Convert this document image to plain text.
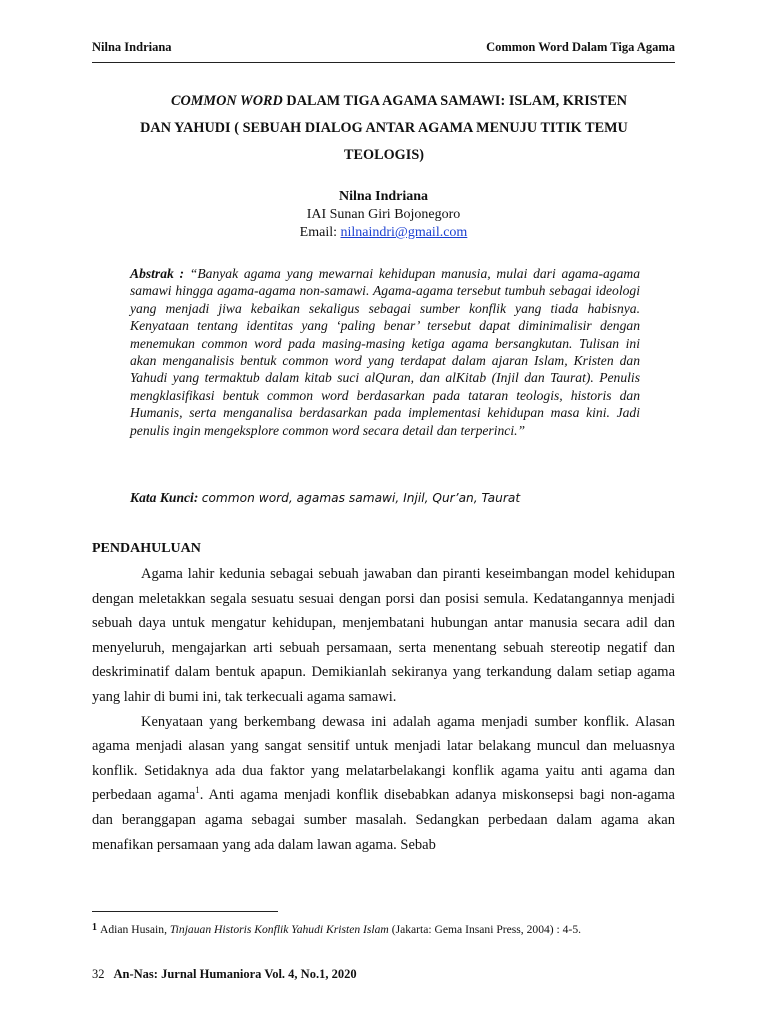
Nilna Indriana	Common Word Dalam Tiga Agama
COMMON WORD DALAM TIGA AGAMA SAMAWI: ISLAM, KRISTEN
DAN YAHUDI ( SEBUAH DIALOG ANTAR AGAMA MENUJU TITIK TEMU
TEOLOGIS)
Nilna Indriana
IAI Sunan Giri Bojonegoro
Email: nilnaindri@gmail.com
Abstrak : “Banyak agama yang mewarnai kehidupan manusia, mulai dari agama-agama samawi hingga agama-agama non-samawi. Agama-agama tersebut tumbuh sebagai ideologi yang menjadi jiwa kebaikan sekaligus sebagai sumber konflik yang tiada habisnya. Kenyataan tentang identitas yang ‘paling benar’ tersebut dapat diminimalisir dengan menemukan common word pada masing-masing ketiga agama bersangkutan. Tulisan ini akan menganalisis bentuk common word yang terdapat dalam ajaran Islam, Kristen dan Yahudi yang termaktub dalam kitab suci alQuran, dan alKitab (Injil dan Taurat). Penulis mengklasifikasi bentuk common word berdasarkan pada tataran teologis, historis dan Humanis, serta menganalisa berdasarkan pada implementasi kehidupan masa kini. Jadi penulis ingin mengeksplore common word secara detail dan terperinci.”
Kata Kunci: common word, agamas samawi, Injil, Qur’an, Taurat
PENDAHULUAN

Agama lahir kedunia sebagai sebuah jawaban dan piranti keseimbangan model kehidupan dengan meletakkan segala sesuatu sesuai dengan porsi dan posisi semula. Kedatangannya menjadi sebuah daya untuk mengatur kehidupan, menjembatani hubungan antar manusia secara adil dan menyeluruh, mengajarkan arti sebuah persamaan, serta menentang sebuah stereotip negatif dan deskriminatif dalam bentuk apapun. Demikianlah sekiranya yang terkandung dalam setiap agama yang lahir di bumi ini, tak terkecuali agama samawi.

Kenyataan yang berkembang dewasa ini adalah agama menjadi sumber konflik. Alasan agama menjadi alasan yang sangat sensitif untuk menjadi latar belakang muncul dan meluasnya konflik. Setidaknya ada dua faktor yang melatarbelakangi konflik agama yaitu anti agama dan perbedaan agama$^1$. Anti agama menjadi konflik disebabkan adanya miskonsepsi bagi non-agama dan beranggapan agama sebagai sumber masalah. Sedangkan perbedaan dalam agama akan menafikan persamaan yang ada dalam lawan agama. Sebab

1 Adian Husain, Tinjauan Historis Konflik Yahudi Kristen Islam (Jakarta: Gema Insani Press, 2004) : 4-5.
32 An-Nas: Jurnal Humaniora Vol. 4, No.1, 2020
